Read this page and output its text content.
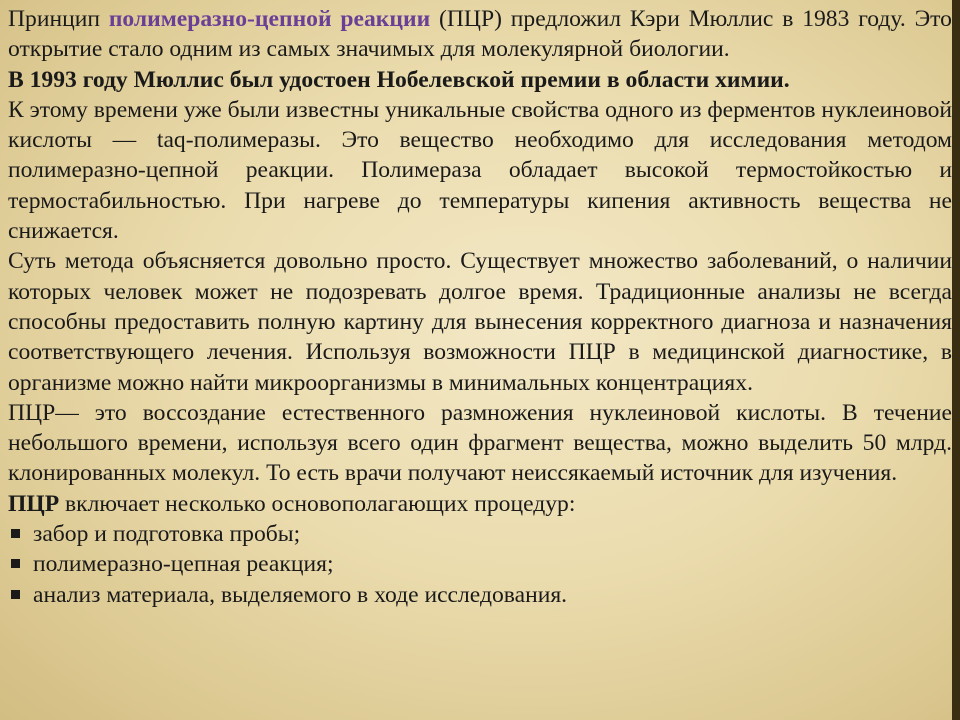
Принцип полимеразно-цепной реакции (ПЦР) предложил Кэри Мюллис в 1983 году. Это открытие стало одним из самых значимых для молекулярной биологии.

В 1993 году Мюллис был удостоен Нобелевской премии в области химии.

К этому времени уже были известны уникальные свойства одного из ферментов нуклеиновой кислоты — taq-полимеразы. Это вещество необходимо для исследования методом полимеразно-цепной реакции. Полимераза обладает высокой термостойкостью и термостабильностью. При нагреве до температуры кипения активность вещества не снижается.

Суть метода объясняется довольно просто. Существует множество заболеваний, о наличии которых человек может не подозревать долгое время. Традиционные анализы не всегда способны предоставить полную картину для вынесения корректного диагноза и назначения соответствующего лечения. Используя возможности ПЦР в медицинской диагностике, в организме можно найти микроорганизмы в минимальных концентрациях.

ПЦР— это воссоздание естественного размножения нуклеиновой кислоты. В течение небольшого времени, используя всего один фрагмент вещества, можно выделить 50 млрд. клонированных молекул. То есть врачи получают неиссякаемый источник для изучения.

ПЦР включает несколько основополагающих процедур:

забор и подготовка пробы;
полимеразно-цепная реакция;
анализ материала, выделяемого в ходе исследования.
